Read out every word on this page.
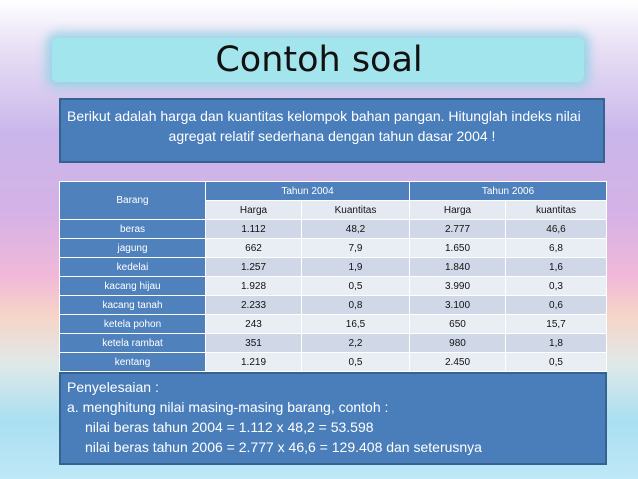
Contoh soal
Berikut adalah harga dan kuantitas kelompok bahan pangan. Hitunglah indeks nilai
agregat relatif sederhana dengan tahun dasar 2004 !
Barang	Tahun 2004		Tahun 2006	
	Harga	Kuantitas	Harga	kuantitas
beras	1.112	48,2	2.777	46,6
jagung	662	7,9	1.650	6,8
kedelai	1.257	1,9	1.840	1,6
kacang hijau	1.928	0,5	3.990	0,3
kacang tanah	2.233	0,8	3.100	0,6
ketela pohon	243	16,5	650	15,7
ketela rambat	351	2,2	980	1,8
kentang	1.219	0,5	2.450	0,5
Penyelesaian :
a. menghitung nilai masing-masing barang, contoh :
nilai beras tahun 2004 = 1.112 x 48,2 = 53.598
nilai beras tahun 2006 = 2.777 x 46,6 = 129.408 dan seterusnya
